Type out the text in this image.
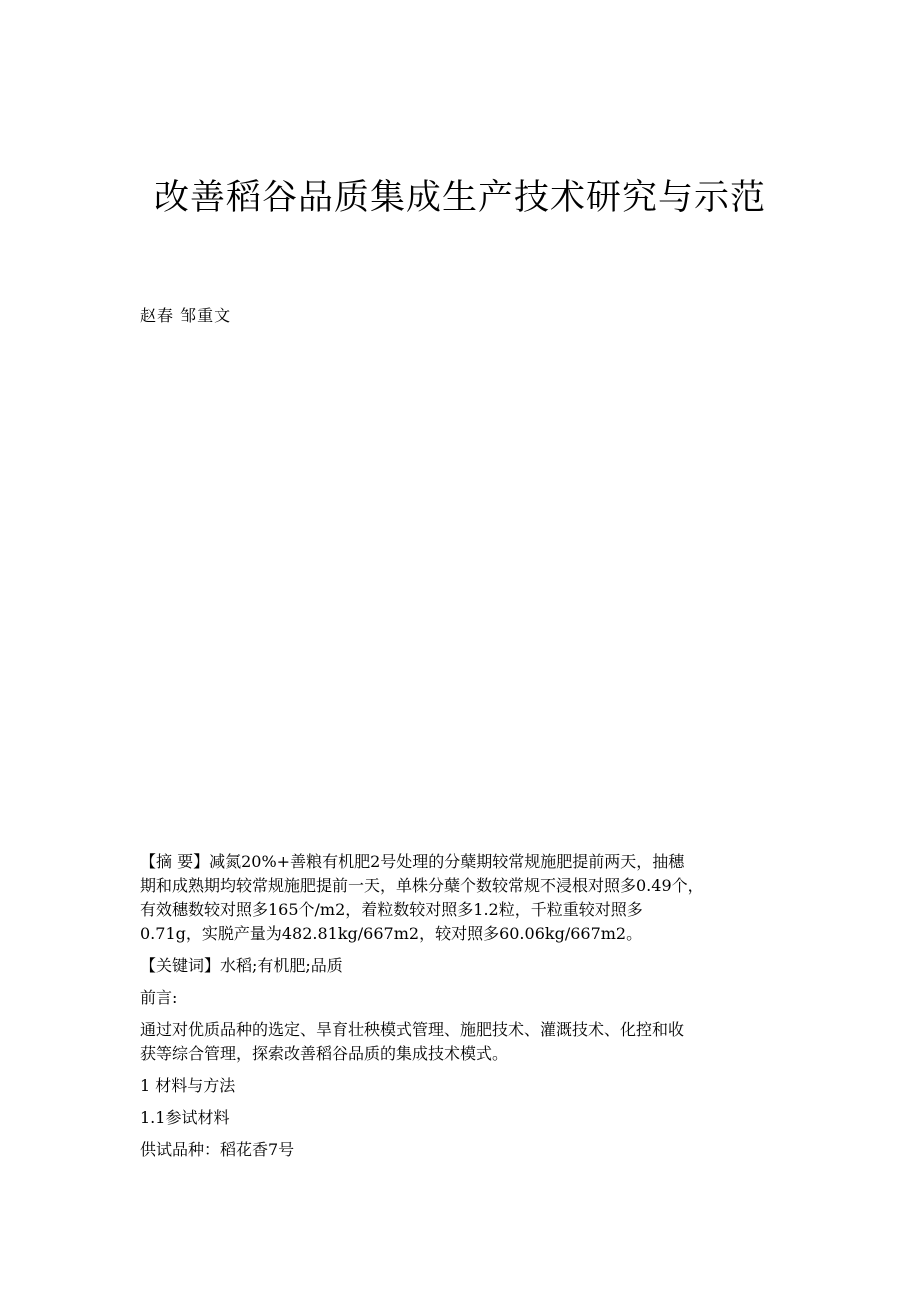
改善稻谷品质集成生产技术研究与示范
赵春 邹重文
【摘 要】减氮20%+善粮有机肥2号处理的分蘖期较常规施肥提前两天，抽穗
期和成熟期均较常规施肥提前一天，单株分蘖个数较常规不浸根对照多0.49个，
有效穗数较对照多165个/m2，着粒数较对照多1.2粒，千粒重较对照多
0.71g，实脱产量为482.81kg/667m2，较对照多60.06kg/667m2。
【关键词】水稻;有机肥;品质
前言:
通过对优质品种的选定、旱育壮秧模式管理、施肥技术、灌溉技术、化控和收
获等综合管理，探索改善稻谷品质的集成技术模式。
1 材料与方法
1.1参试材料
供试品种：稻花香7号
